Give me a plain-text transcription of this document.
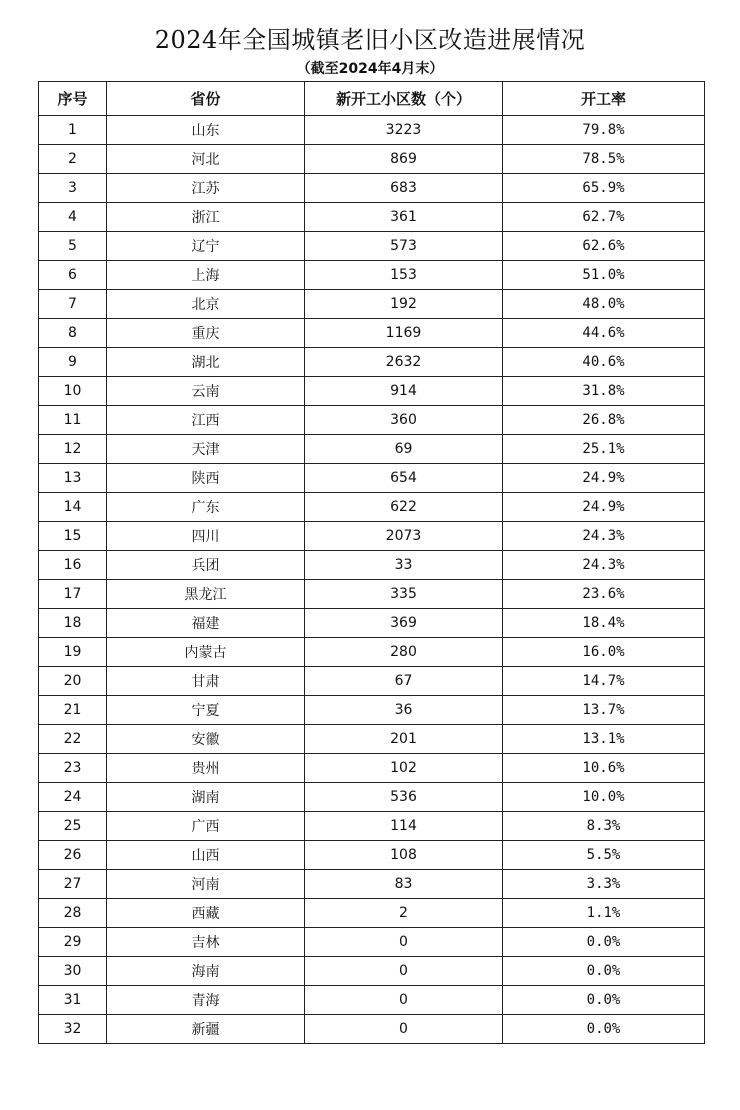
2024年全国城镇老旧小区改造进展情况
（截至2024年4月末）
序号	省份	新开工小区数（个）	开工率
1	山东	3223	79.8%
2	河北	869	78.5%
3	江苏	683	65.9%
4	浙江	361	62.7%
5	辽宁	573	62.6%
6	上海	153	51.0%
7	北京	192	48.0%
8	重庆	1169	44.6%
9	湖北	2632	40.6%
10	云南	914	31.8%
11	江西	360	26.8%
12	天津	69	25.1%
13	陕西	654	24.9%
14	广东	622	24.9%
15	四川	2073	24.3%
16	兵团	33	24.3%
17	黑龙江	335	23.6%
18	福建	369	18.4%
19	内蒙古	280	16.0%
20	甘肃	67	14.7%
21	宁夏	36	13.7%
22	安徽	201	13.1%
23	贵州	102	10.6%
24	湖南	536	10.0%
25	广西	114	8.3%
26	山西	108	5.5%
27	河南	83	3.3%
28	西藏	2	1.1%
29	吉林	0	0.0%
30	海南	0	0.0%
31	青海	0	0.0%
32	新疆	0	0.0%
